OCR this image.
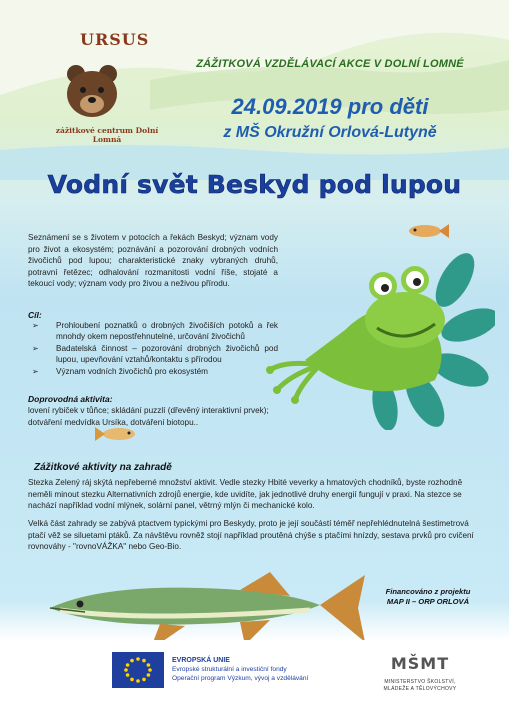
URSUS
zážitkové centrum Dolní Lomná
ZÁŽITKOVÁ VZDĚLÁVACÍ AKCE V DOLNÍ LOMNÉ
24.09.2019 pro děti
z MŠ Okružní Orlová-Lutyně
Vodní svět Beskyd pod lupou
Seznámení se s životem v potocích a řekách Beskyd; význam vody pro život a ekosystém; poznávání a pozorování drobných vodních živočichů pod lupou; charakteristické znaky vybraných druhů, potravní řetězec; odhalování rozmanitosti vodní říše, stojaté a tekoucí vody; význam vody pro živou a neživou přírodu.
Cíl:
➢ Prohloubení poznatků o drobných živočiších potoků a řek mnohdy okem nepostřehnutelné, určování živočichů
➢ Badatelská činnost – pozorování drobných živočichů pod lupou, upevňování vztahů/kontaktu s přírodou
➢ Význam vodních živočichů pro ekosystém
Doprovodná aktivita:
lovení rybiček v tůňce; skládání puzzlí (dřevěný interaktivní prvek); dotváření medvídka Ursíka, dotváření biotopu..
Zážitkové aktivity na zahradě
Stezka Zelený ráj skýtá nepřeberné množství aktivit. Vedle stezky Hbité veverky a hmatových chodníků, byste rozhodně neměli minout stezku Alternativních zdrojů energie, kde uvidíte, jak jednotlivé druhy energií fungují v praxi. Na stezce se nachází například vodní mlýnek, solární panel, větrný mlýn či mechanické kolo.
Velká část zahrady se zabývá ptactvem typickými pro Beskydy, proto je její součástí téměř nepřehlédnutelná šestimetrová ptačí věž se siluetami ptáků. Za návštěvu rovněž stojí například proutěná chýše s ptačími hnízdy, sestava prvků pro cvičení rovnováhy - "rovnoVÁŽKA" nebo Geo-Bio.
Financováno z projektu
MAP II – ORP ORLOVÁ
EVROPSKÁ UNIE
Evropské strukturální a investiční fondy
Operační program Výzkum, vývoj a vzdělávání
MŠMT
MINISTERSTVO ŠKOLSTVÍ,
MLÁDEŽE A TĚLOVÝCHOVY
